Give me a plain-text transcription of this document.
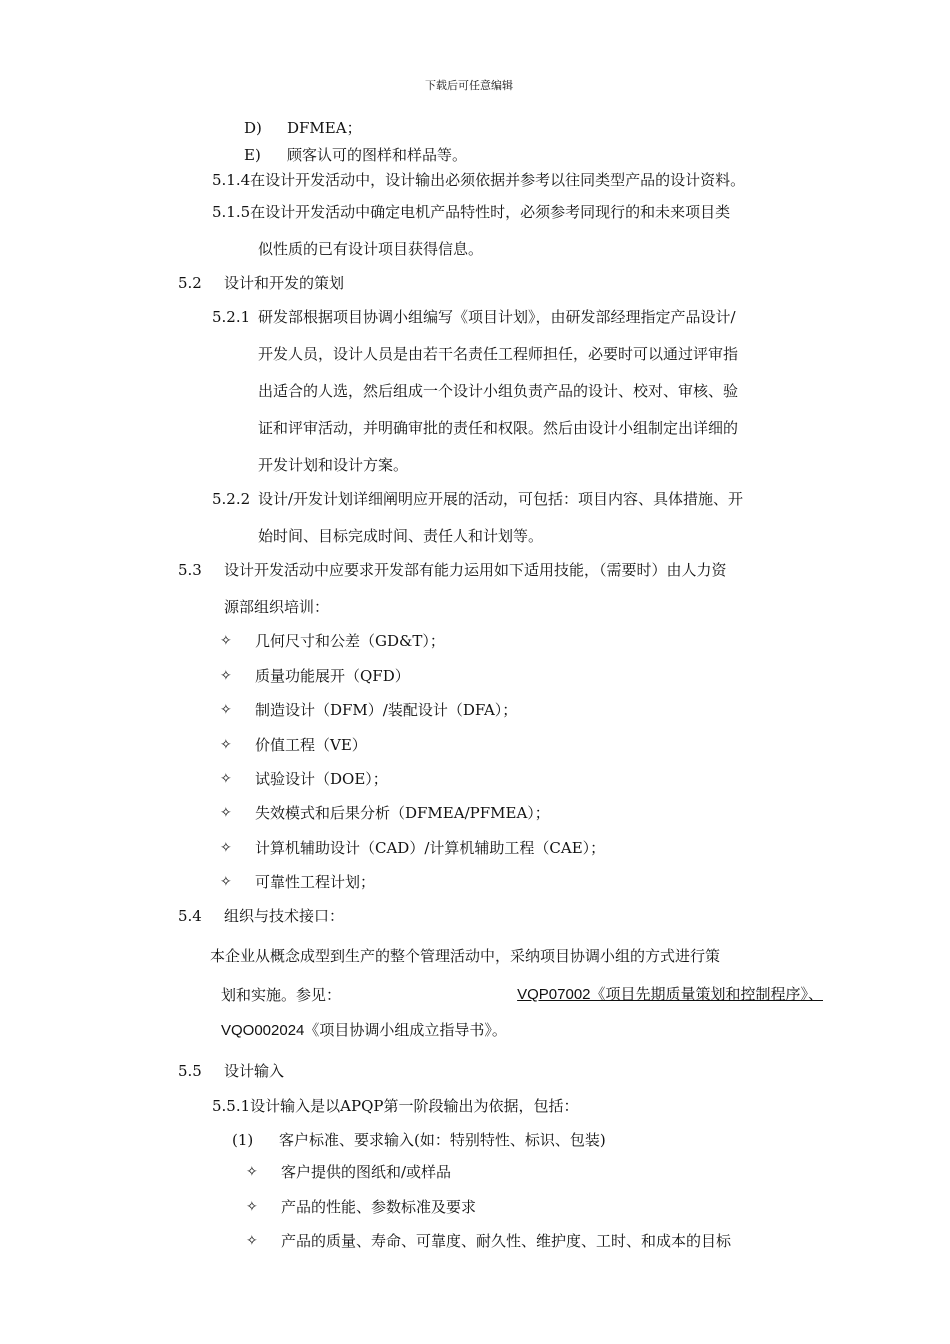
下载后可任意编辑
D) DFMEA；
E) 顾客认可的图样和样品等。
5.1.4在设计开发活动中，设计输出必须依据并参考以往同类型产品的设计资料。
5.1.5在设计开发活动中确定电机产品特性时，必须参考同现行的和未来项目类
似性质的已有设计项目获得信息。
5.2 设计和开发的策划
5.2.1 研发部根据项目协调小组编写《项目计划》，由研发部经理指定产品设计/
开发人员，设计人员是由若干名责任工程师担任，必要时可以通过评审指
出适合的人选，然后组成一个设计小组负责产品的设计、校对、审核、验
证和评审活动，并明确审批的责任和权限。然后由设计小组制定出详细的
开发计划和设计方案。
5.2.2 设计/开发计划详细阐明应开展的活动，可包括：项目内容、具体措施、开
始时间、目标完成时间、责任人和计划等。
5.3 设计开发活动中应要求开发部有能力运用如下适用技能，（需要时）由人力资
源部组织培训：
✧ 几何尺寸和公差（GD&T）；
✧ 质量功能展开（QFD）
✧ 制造设计（DFM）/装配设计（DFA）；
✧ 价值工程（VE）
✧ 试验设计（DOE）；
✧ 失效模式和后果分析（DFMEA/PFMEA）；
✧ 计算机辅助设计（CAD）/计算机辅助工程（CAE）；
✧ 可靠性工程计划；
5.4 组织与技术接口：
本企业从概念成型到生产的整个管理活动中，采纳项目协调小组的方式进行策
划和实施。参见：	VQP07002《项目先期质量策划和控制程序》、
VQO002024《项目协调小组成立指导书》。
5.5 设计输入
5.5.1设计输入是以APQP第一阶段输出为依据，包括：
(1) 客户标准、要求输入(如：特别特性、标识、包装)
✧ 客户提供的图纸和/或样品
✧ 产品的性能、参数标准及要求
✧ 产品的质量、寿命、可靠度、耐久性、维护度、工时、和成本的目标
